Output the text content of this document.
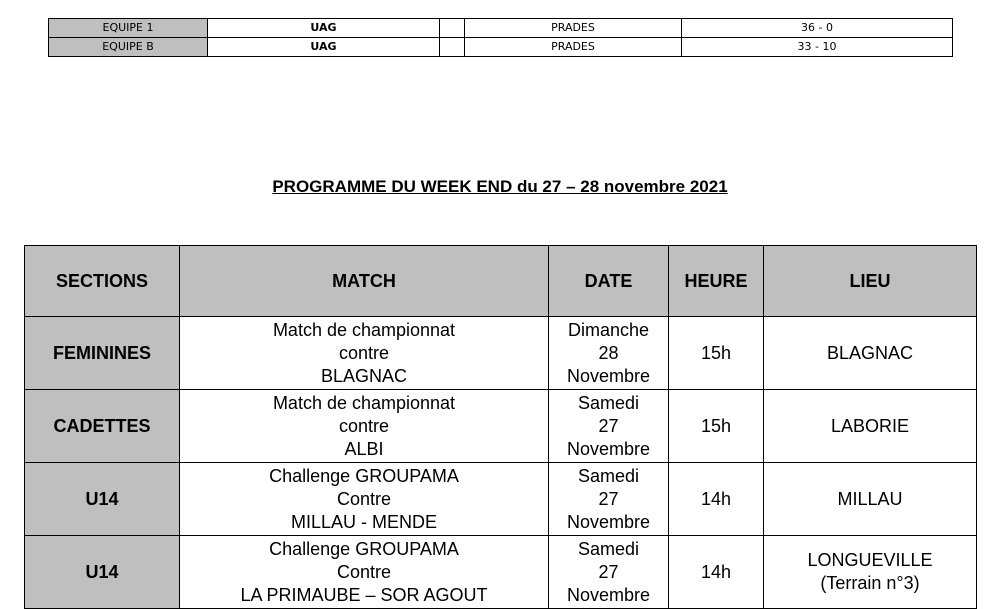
EQUIPE 1	UAG		PRADES	36 - 0
EQUIPE B	UAG		PRADES	33 - 10
PROGRAMME DU WEEK END du 27 – 28 novembre 2021
SECTIONS	MATCH	DATE	HEURE	LIEU
FEMININES	Match de championnat
contre
BLAGNAC	Dimanche
28
Novembre	15h	BLAGNAC

CADETTES	Match de championnat
contre
ALBI	Samedi
27
Novembre	15h	LABORIE

U14	Challenge GROUPAMA
Contre
MILLAU - MENDE	Samedi
27
Novembre	14h	MILLAU

U14	Challenge GROUPAMA
Contre
LA PRIMAUBE – SOR AGOUT	Samedi
27
Novembre	14h	LONGUEVILLE
(Terrain n°3)
